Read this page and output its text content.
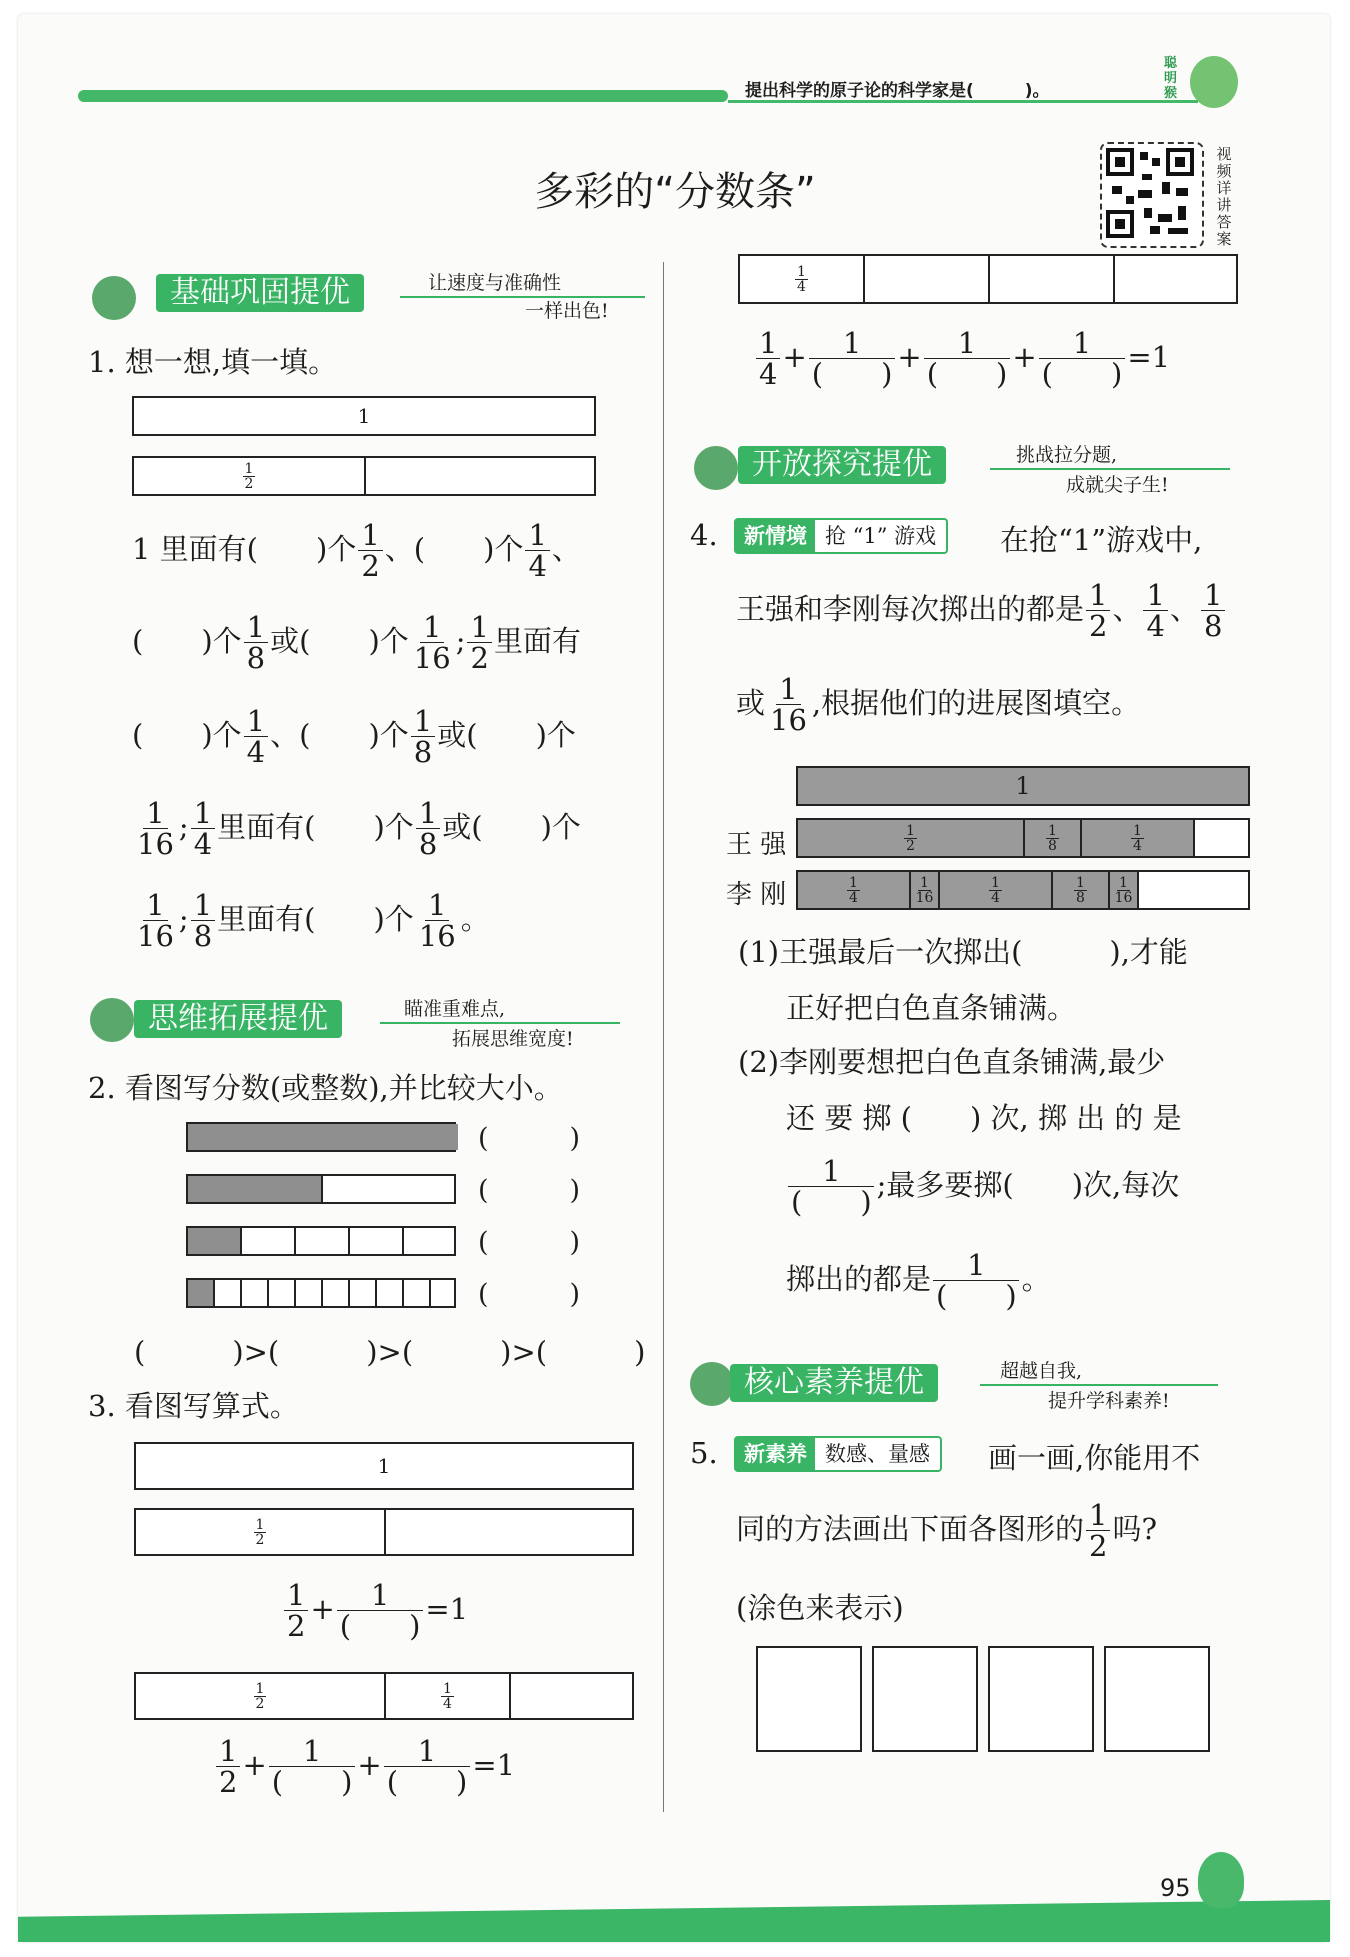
提出科学的原子论的科学家是(　　　)。
聪明猴
多彩的“分数条”
视频详讲答案
基础巩固提优	让速度与准确性
一样出色!
1. 想一想,填一填。
1
1
2
1 里面有(　　 )个 $\frac{1}{2}$ 、(　　 )个 $\frac{1}{4}$ 、
(　　 )个 $\frac{1}{8}$ 或(　　 )个 $\frac{1}{16}$ ; $\frac{1}{2}$ 里面有
(　　 )个 $\frac{1}{4}$ 、(　　 )个 $\frac{1}{8}$ 或(　　 )个
$\frac{1}{16}$ ; $\frac{1}{4}$ 里面有(　　 )个 $\frac{1}{8}$ 或(　　 )个
$\frac{1}{16}$ ; $\frac{1}{8}$ 里面有(　　 )个 $\frac{1}{16}$ 。
思维拓展提优	瞄准重难点,
拓展思维宽度!
2. 看图写分数(或整数),并比较大小。
(　　　)
(　　　)
(　　　)
(　　　)
(　　　)>(　　　)>(　　　)>(　　　)
3. 看图写算式。
1
1
2
$\frac{1}{2} + \frac{1}{( )} =1$
1
2
1
4
$\frac{1}{2} + \frac{1}{( )} + \frac{1}{( )} =1$
1
4
$\frac{1}{4} + \frac{1}{( )} + \frac{1}{( )} + \frac{1}{( )} =1$
开放探究提优	挑战拉分题,
成就尖子生!
4.	新情境 抢 “1” 游戏	在抢“1”游戏中,
王强和李刚每次掷出的都是 $\frac{1}{2}$ 、 $\frac{1}{4}$ 、 $\frac{1}{8}$
或 $\frac{1}{16}$ ,根据他们的进展图填空。
1
王 强	1
2
1
8
1
4
李 刚	1
4
1
16
1
4
1
8
1
16
(1)王强最后一次掷出(　　　),才能
正好把白色直条铺满。
(2)李刚要想把白色直条铺满,最少
还 要 掷 (　　) 次, 掷 出 的 是
$\frac{1}{( )}$ ;最多要掷(　　)次,每次
掷出的都是 $\frac{1}{( )}$ 。
核心素养提优	超越自我,
提升学科素养!
5.	新素养 数感、量感	画一画,你能用不
同的方法画出下面各图形的 $\frac{1}{2}$ 吗?
(涂色来表示)
95
